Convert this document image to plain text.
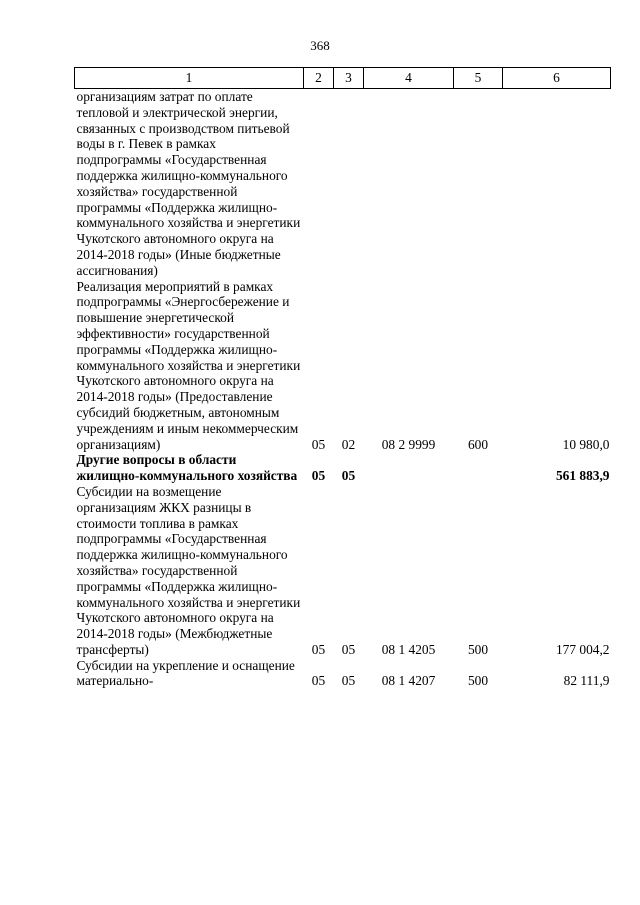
368
1	2	3	4	5	6
организациям затрат по оплате тепловой и электрической энергии, связанных с производством питьевой воды в г. Певек в рамках подпрограммы «Государственная поддержка жилищно-коммунального хозяйства» государственной программы «Поддержка жилищно-коммунального хозяйства и энергетики Чукотского автономного округа на 2014-2018 годы» (Иные бюджетные ассигнования)					
Реализация мероприятий в рамках подпрограммы «Энергосбережение и повышение энергетической эффективности» государственной программы «Поддержка жилищно-коммунального хозяйства и энергетики Чукотского автономного округа на 2014-2018 годы» (Предоставление субсидий бюджетным, автономным учреждениям и иным некоммерческим организациям)	05	02	08 2 9999	600	10 980,0
Другие вопросы в области жилищно-коммунального хозяйства	05	05			561 883,9
Субсидии на возмещение организациям ЖКХ разницы в стоимости топлива в рамках подпрограммы «Государственная поддержка жилищно-коммунального хозяйства» государственной программы «Поддержка жилищно-коммунального хозяйства и энергетики Чукотского автономного округа на 2014-2018 годы» (Межбюджетные трансферты)	05	05	08 1 4205	500	177 004,2
Субсидии на укрепление и оснащение материально-	05	05	08 1 4207	500	82 111,9
